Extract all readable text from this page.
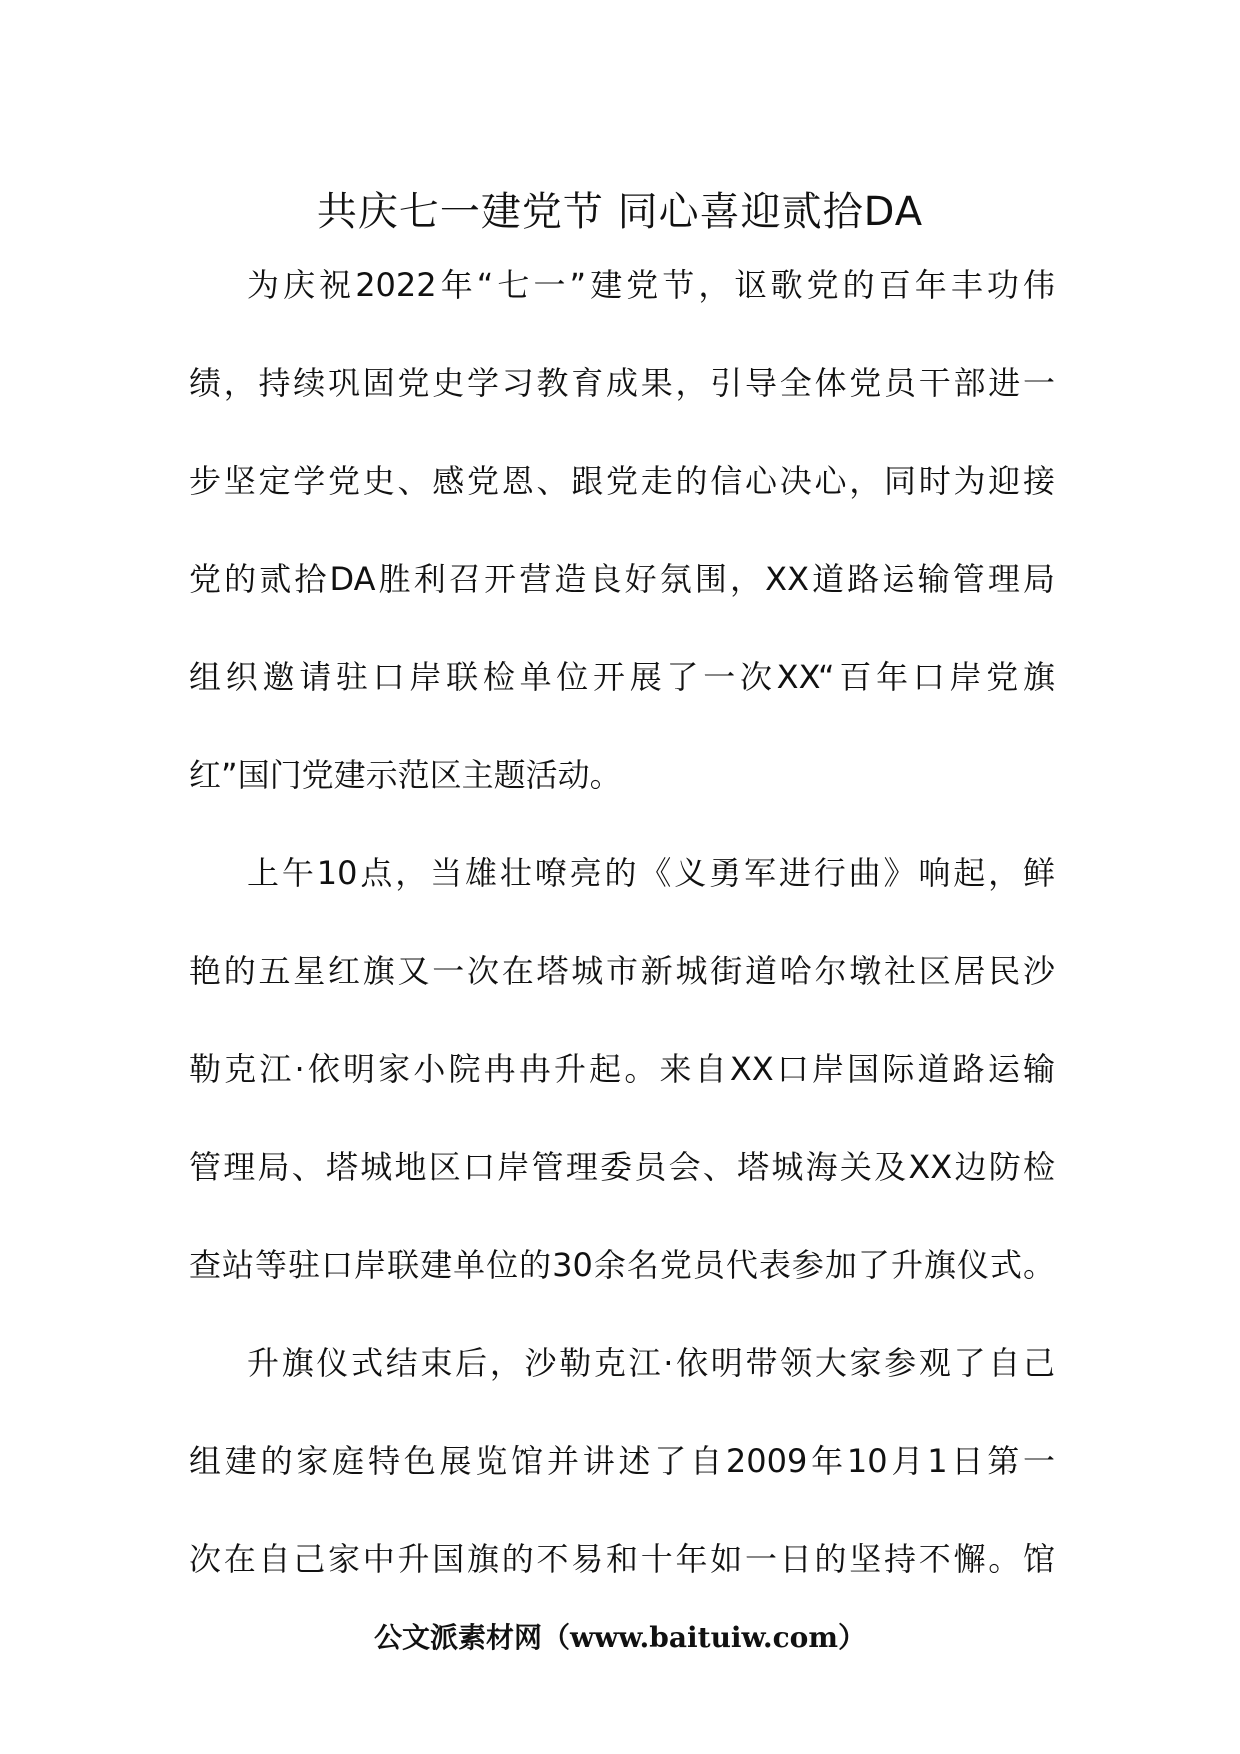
共庆七一建党节 同心喜迎贰拾DA
为庆祝2022年“七一”建党节，讴歌党的百年丰功伟
绩，持续巩固党史学习教育成果，引导全体党员干部进一
步坚定学党史、感党恩、跟党走的信心决心，同时为迎接
党的贰拾DA胜利召开营造良好氛围，XX道路运输管理局
组织邀请驻口岸联检单位开展了一次XX“百年口岸党旗
红”国门党建示范区主题活动。
上午10点，当雄壮嘹亮的《义勇军进行曲》响起，鲜
艳的五星红旗又一次在塔城市新城街道哈尔墩社区居民沙
勒克江·依明家小院冉冉升起。来自XX口岸国际道路运输
管理局、塔城地区口岸管理委员会、塔城海关及XX边防检
查站等驻口岸联建单位的30余名党员代表参加了升旗仪式。
升旗仪式结束后，沙勒克江·依明带领大家参观了自己
组建的家庭特色展览馆并讲述了自2009年10月1日第一
次在自己家中升国旗的不易和十年如一日的坚持不懈。馆
公文派素材网（www.baituiw.com）
